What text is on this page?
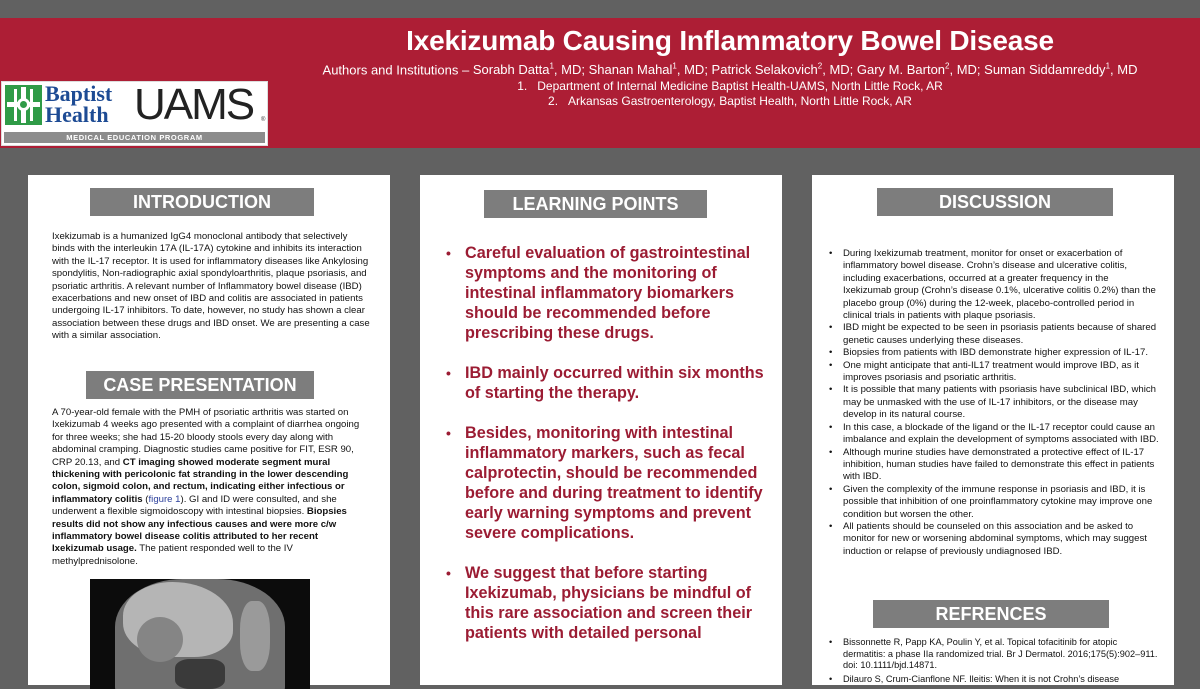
Ixekizumab Causing Inflammatory Bowel Disease
Authors and Institutions – Sorabh Datta$^1$, MD; Shanan Mahal$^1$, MD; Patrick Selakovich$^2$, MD; Gary M. Barton$^2$, MD; Suman Siddamreddy$^1$, MD
1. Department of Internal Medicine Baptist Health-UAMS, North Little Rock, AR
2. Arkansas Gastroenterology, Baptist Health, North Little Rock, AR
Baptist
Health UAMS ®
MEDICAL EDUCATION PROGRAM
INTRODUCTION
Ixekizumab is a humanized IgG4 monoclonal antibody that selectively binds with the interleukin 17A (IL-17A) cytokine and inhibits its interaction with the IL-17 receptor. It is used for inflammatory diseases like Ankylosing spondylitis, Non-radiographic axial spondyloarthritis, plaque psoriasis, and psoriatic arthritis. A relevant number of Inflammatory bowel disease (IBD) exacerbations and new onset of IBD and colitis are associated in patients undergoing IL-17 inhibitors. To date, however, no study has shown a clear association between these drugs and IBD onset. We are presenting a case with a similar association.
CASE PRESENTATION
A 70-year-old female with the PMH of psoriatic arthritis was started on Ixekizumab 4 weeks ago presented with a complaint of diarrhea ongoing for three weeks; she had 15-20 bloody stools every day along with abdominal cramping. Diagnostic studies came positive for FIT, ESR 90, CRP 20.13, and CT imaging showed moderate segment mural thickening with pericolonic fat stranding in the lower descending colon, sigmoid colon, and rectum, indicating either infectious or inflammatory colitis (figure 1). GI and ID were consulted, and she underwent a flexible sigmoidoscopy with intestinal biopsies. Biopsies results did not show any infectious causes and were more c/w inflammatory bowel disease colitis attributed to her recent Ixekizumab usage. The patient responded well to the IV methylprednisolone.
LEARNING POINTS
• Careful evaluation of gastrointestinal symptoms and the monitoring of intestinal inflammatory biomarkers should be recommended before prescribing these drugs.
• IBD mainly occurred within six months of starting the therapy.
• Besides, monitoring with intestinal inflammatory markers, such as fecal calprotectin, should be recommended before and during treatment to identify early warning symptoms and prevent severe complications.
• We suggest that before starting Ixekizumab, physicians be mindful of this rare association and screen their patients with detailed personal
DISCUSSION
• During Ixekizumab treatment, monitor for onset or exacerbation of inflammatory bowel disease. Crohn’s disease and ulcerative colitis, including exacerbations, occurred at a greater frequency in the Ixekizumab group (Crohn’s disease 0.1%, ulcerative colitis 0.2%) than the placebo group (0%) during the 12-week, placebo-controlled period in clinical trials in patients with plaque psoriasis.
• IBD might be expected to be seen in psoriasis patients because of shared genetic causes underlying these diseases.
• Biopsies from patients with IBD demonstrate higher expression of IL-17.
• One might anticipate that anti-IL17 treatment would improve IBD, as it improves psoriasis and psoriatic arthritis.
• It is possible that many patients with psoriasis have subclinical IBD, which may be unmasked with the use of IL-17 inhibitors, or the disease may develop in its natural course.
• In this case, a blockade of the ligand or the IL-17 receptor could cause an imbalance and explain the development of symptoms associated with IBD.
• Although murine studies have demonstrated a protective effect of IL-17 inhibition, human studies have failed to demonstrate this effect in patients with IBD.
• Given the complexity of the immune response in psoriasis and IBD, it is possible that inhibition of one proinflammatory cytokine may improve one condition but worsen the other.
• All patients should be counseled on this association and be asked to monitor for new or worsening abdominal symptoms, which may suggest induction or relapse of previously undiagnosed IBD.
REFRENCES
• Bissonnette R, Papp KA, Poulin Y, et al. Topical tofacitinib for atopic dermatitis: a phase IIa randomized trial. Br J Dermatol. 2016;175(5):902–911. doi: 10.1111/bjd.14871.
• Dilauro S, Crum-Cianflone NF. Ileitis: When it is not Crohn’s disease
